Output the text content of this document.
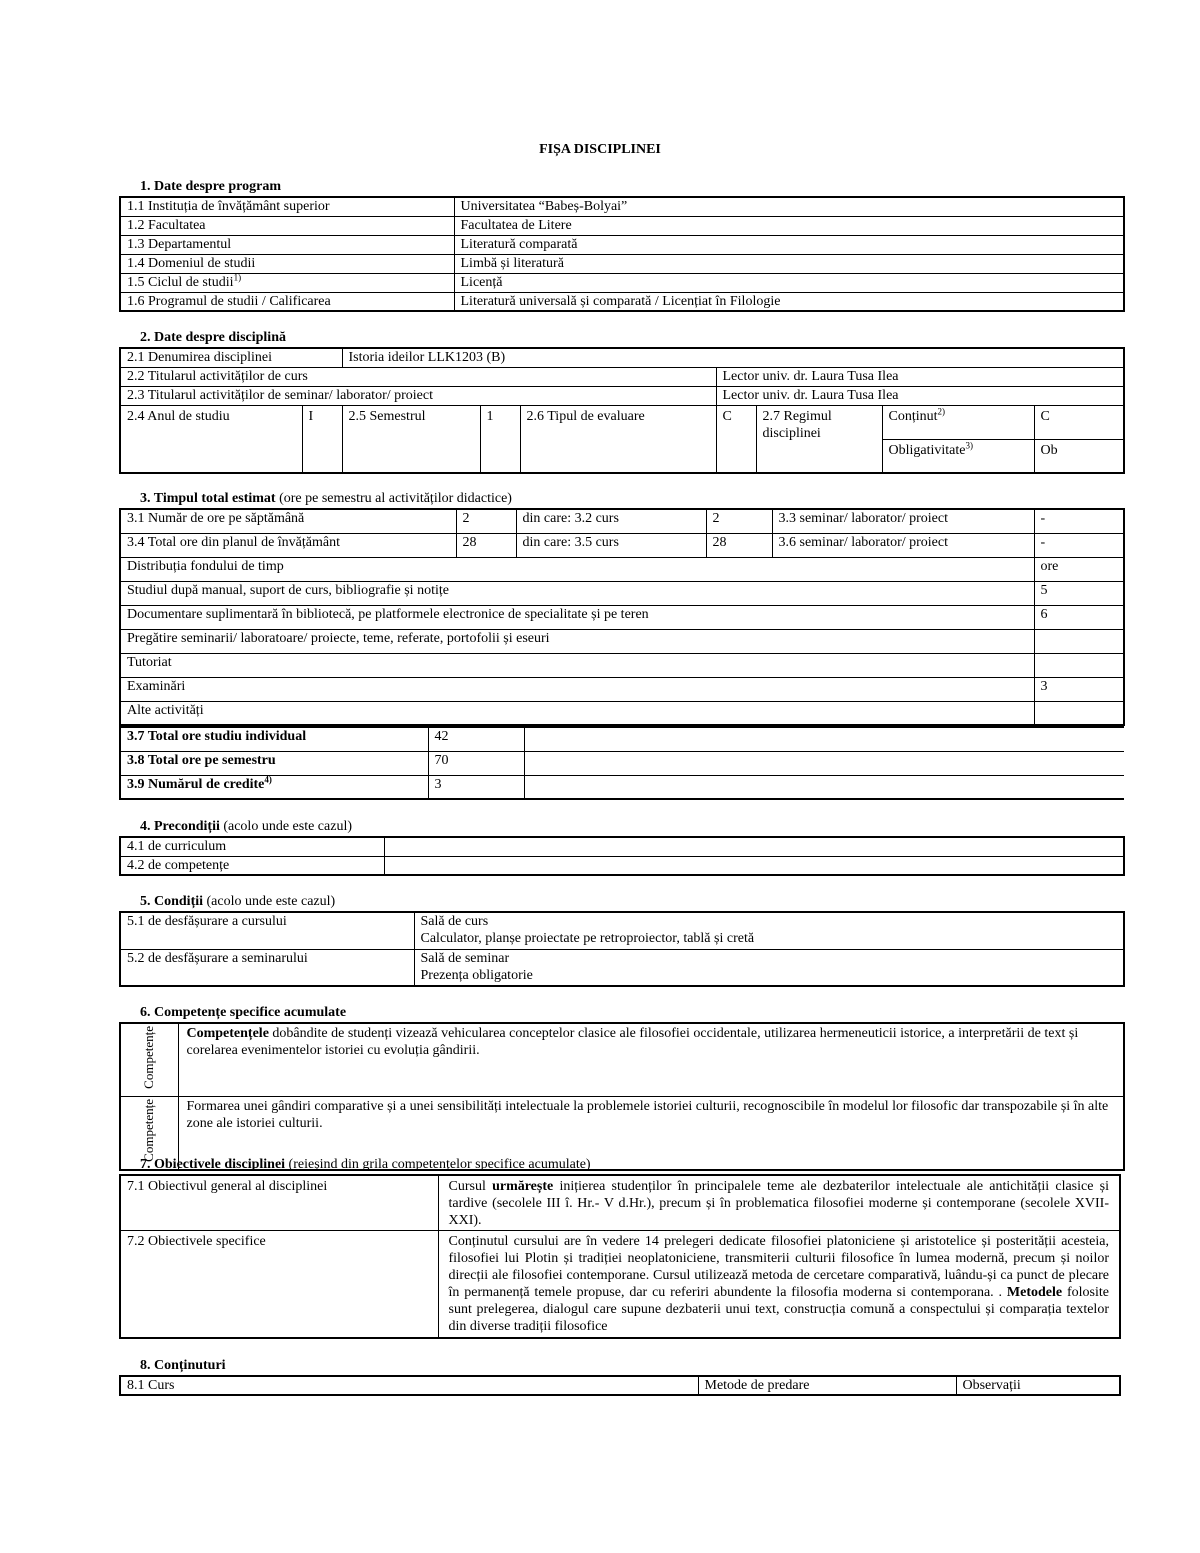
FIȘA DISCIPLINEI
1. Date despre program
1.1 Instituția de învățământ superior	Universitatea “Babeș-Bolyai”
1.2 Facultatea	Facultatea de Litere
1.3 Departamentul	Literatură comparată
1.4 Domeniul de studii	Limbă și literatură
1.5 Ciclul de studii$^{1)}$	Licență
1.6 Programul de studii / Calificarea	Literatură universală și comparată / Licențiat în Filologie
2. Date despre disciplină
2.1 Denumirea disciplinei		Istoria ideilor LLK1203 (B)						
2.2 Titularul activităților de curs					Lector univ. dr. Laura Tusa Ilea			
2.3 Titularul activităților de seminar/ laborator/ proiect					Lector univ. dr. Laura Tusa Ilea			
2.4 Anul de studiu	I	2.5 Semestrul	1	2.6 Tipul de evaluare	C	2.7 Regimul disciplinei	Conținut$^{2)}$	C
							Obligativitate$^{3)}$	Ob
3. Timpul total estimat (ore pe semestru al activităților didactice)
3.1 Număr de ore pe săptămână	2	din care: 3.2 curs	2	3.3 seminar/ laborator/ proiect	-
3.4 Total ore din planul de învățământ	28	din care: 3.5 curs	28	3.6 seminar/ laborator/ proiect	-
Distribuția fondului de timp					ore
Studiul după manual, suport de curs, bibliografie și notițe					5
Documentare suplimentară în bibliotecă, pe platformele electronice de specialitate și pe teren					6
Pregătire seminarii/ laboratoare/ proiecte, teme, referate, portofolii și eseuri					
Tutoriat					
Examinări					3
Alte activități					
3.7 Total ore studiu individual	42	
3.8 Total ore pe semestru	70	
3.9 Numărul de credite$^{4)}$	3	
4. Precondiții (acolo unde este cazul)
4.1 de curriculum	
4.2 de competențe	
5. Condiții (acolo unde este cazul)
5.1 de desfășurare a cursului	Sală de curs
Calculator, planșe proiectate pe retroproiector, tablă și cretă

5.2 de desfășurare a seminarului	Sală de seminar
Prezența obligatorie
6. Competențe specifice acumulate
Competențe	Competențele dobândite de studenți vizează vehicularea conceptelor clasice ale filosofiei occidentale, utilizarea hermeneuticii istorice, a interpretării de text și corelarea evenimentelor istoriei cu evoluția gândirii.
Competențe	Formarea unei gândiri comparative și a unei sensibilități intelectuale la problemele istoriei culturii, recognoscibile în modelul lor filosofic dar transpozabile și în alte zone ale istoriei culturii.
7. Obiectivele disciplinei (reieșind din grila competențelor specifice acumulate)
7.1 Obiectivul general al disciplinei	Cursul urmărește inițierea studenților în principalele teme ale dezbaterilor intelectuale ale antichității clasice și tardive (secolele III î. Hr.- V d.Hr.), precum și în problematica filosofiei moderne și contemporane (secolele XVII-XXI).
7.2 Obiectivele specifice	Conținutul cursului are în vedere 14 prelegeri dedicate filosofiei platoniciene și aristotelice și posterității acesteia, filosofiei lui Plotin și tradiției neoplatoniciene, transmiterii culturii filosofice în lumea modernă, precum și noilor direcții ale filosofiei contemporane. Cursul utilizează metoda de cercetare comparativă, luându-și ca punct de plecare în permanență temele propuse, dar cu referiri abundente la filosofia moderna si contemporana. . Metodele folosite sunt prelegerea, dialogul care supune dezbaterii unui text, construcția comună a conspectului și comparația textelor din diverse tradiții filosofice
8. Conținuturi
8.1 Curs	Metode de predare	Observații
